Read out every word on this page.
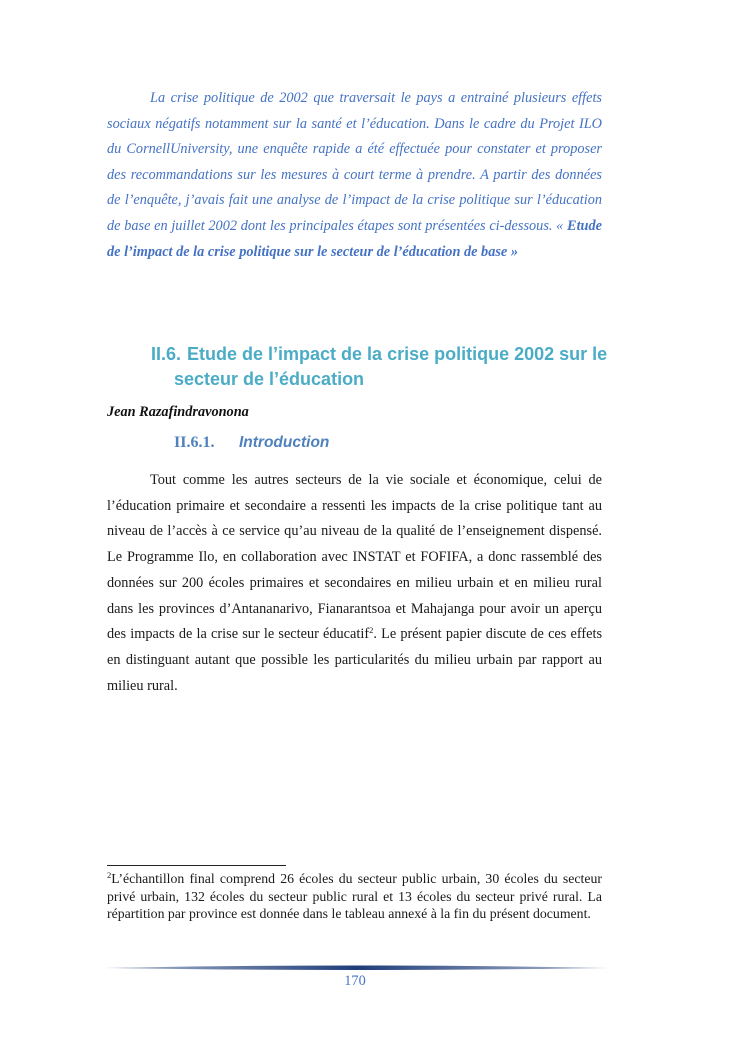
La crise politique de 2002 que traversait le pays a entrainé plusieurs effets sociaux négatifs notamment sur la santé et l’éducation. Dans le cadre du Projet ILO du CornellUniversity, une enquête rapide a été effectuée pour constater et proposer des recommandations sur les mesures à court terme à prendre. A partir des données de l’enquête, j’avais fait une analyse de l’impact de la crise politique sur l’éducation de base en juillet 2002 dont les principales étapes sont présentées ci-dessous. « Etude de l’impact de la crise politique sur le secteur de l’éducation de base »

II.6. Etude de l’impact de la crise politique 2002 sur le
secteur de l’éducation

Jean Razafindravonona

II.6.1. Introduction

Tout comme les autres secteurs de la vie sociale et économique, celui de l’éducation primaire et secondaire a ressenti les impacts de la crise politique tant au niveau de l’accès à ce service qu’au niveau de la qualité de l’enseignement dispensé. Le Programme Ilo, en collaboration avec INSTAT et FOFIFA, a donc rassemblé des données sur 200 écoles primaires et secondaires en milieu urbain et en milieu rural dans les provinces d’Antananarivo, Fianarantsoa et Mahajanga pour avoir un aperçu des impacts de la crise sur le secteur éducatif$^2$. Le présent papier discute de ces effets en distinguant autant que possible les particularités du milieu urbain par rapport au milieu rural.

$^2$L’échantillon final comprend 26 écoles du secteur public urbain, 30 écoles du secteur privé urbain, 132 écoles du secteur public rural et 13 écoles du secteur privé rural. La répartition par province est donnée dans le tableau annexé à la fin du présent document.

170
